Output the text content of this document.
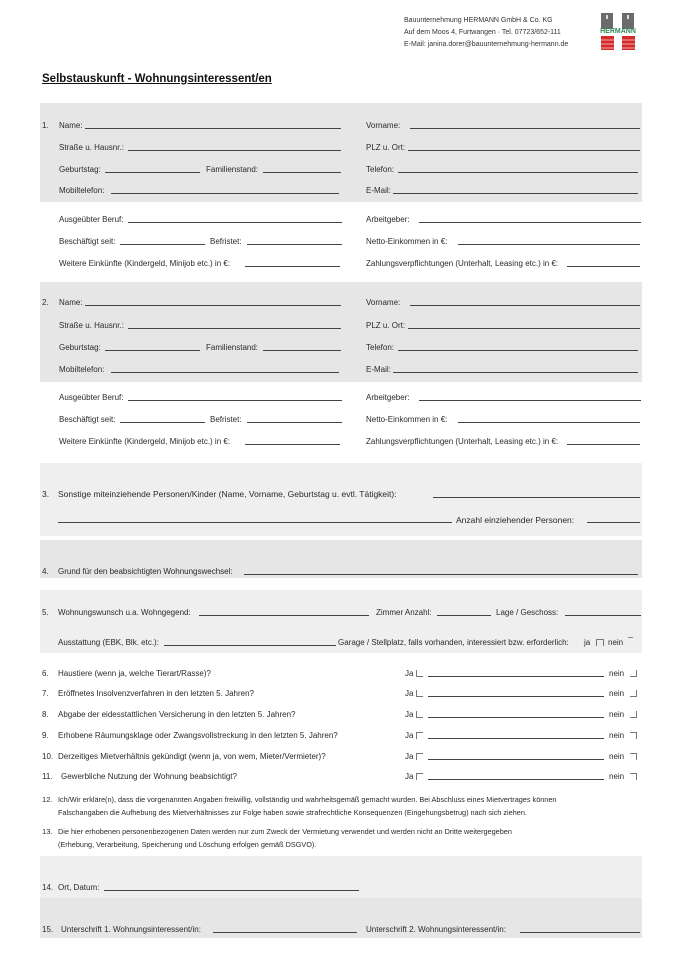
Bauunternehmung HERMANN GmbH & Co. KG
Auf dem Moos 4, Furtwangen · Tel. 07723/652-111
E-Mail: janina.dorer@bauunternehmung-hermann.de
HERMANN
Selbstauskunft - Wohnungsinteressent/en
1. Name:	Vorname:
Straße u. Hausnr.:	PLZ u. Ort:
Geburtstag:	Familienstand:	Telefon:
Mobiltelefon:	E-Mail:
Ausgeübter Beruf:	Arbeitgeber:
Beschäftigt seit:	Befristet:	Netto-Einkommen in €:
Weitere Einkünfte (Kindergeld, Minijob etc.) in €:	Zahlungsverpflichtungen (Unterhalt, Leasing etc.) in €:
2. Name:	Vorname:
Straße u. Hausnr.:	PLZ u. Ort:
Geburtstag:	Familienstand:	Telefon:
Mobiltelefon:	E-Mail:
Ausgeübter Beruf:	Arbeitgeber:
Beschäftigt seit:	Befristet:	Netto-Einkommen in €:
Weitere Einkünfte (Kindergeld, Minijob etc.) in €:	Zahlungsverpflichtungen (Unterhalt, Leasing etc.) in €:
3. Sonstige miteinziehende Personen/Kinder (Name, Vorname, Geburtstag u. evtl. Tätigkeit):
Anzahl einziehender Personen:
4. Grund für den beabsichtigten Wohnungswechsel:
5. Wohnungswunsch u.a. Wohngegend:	Zimmer Anzahl:	Lage / Geschoss:
Ausstattung (EBK, Blk. etc.):	Garage / Stellplatz, falls vorhanden, interessiert bzw. erforderlich: ja nein
6. Haustiere (wenn ja, welche Tierart/Rasse)?	Ja	nein
7. Eröffnetes Insolvenzverfahren in den letzten 5. Jahren?	Ja	nein
8. Abgabe der eidesstattlichen Versicherung in den letzten 5. Jahren?	Ja	nein
9. Erhobene Räumungsklage oder Zwangsvollstreckung in den letzten 5. Jahren?	Ja	nein
10. Derzeitiges Mietverhältnis gekündigt (wenn ja, von wem, Mieter/Vermieter)?	Ja	nein
11. Gewerbliche Nutzung der Wohnung beabsichtigt?	Ja	nein
12. Ich/Wir erkläre(n), dass die vorgenannten Angaben freiwillig, vollständig und wahrheitsgemäß gemacht wurden. Bei Abschluss eines Mietvertrages können
Falschangaben die Aufhebung des Mietverhältnisses zur Folge haben sowie strafrechtliche Konsequenzen (Eingehungsbetrug) nach sich ziehen.
13. Die hier erhobenen personenbezogenen Daten werden nur zum Zweck der Vermietung verwendet und werden nicht an Dritte weitergegeben
(Erhebung, Verarbeitung, Speicherung und Löschung erfolgen gemäß DSGVO).
14. Ort, Datum:
15. Unterschrift 1. Wohnungsinteressent/in:	Unterschrift 2. Wohnungsinteressent/in:
